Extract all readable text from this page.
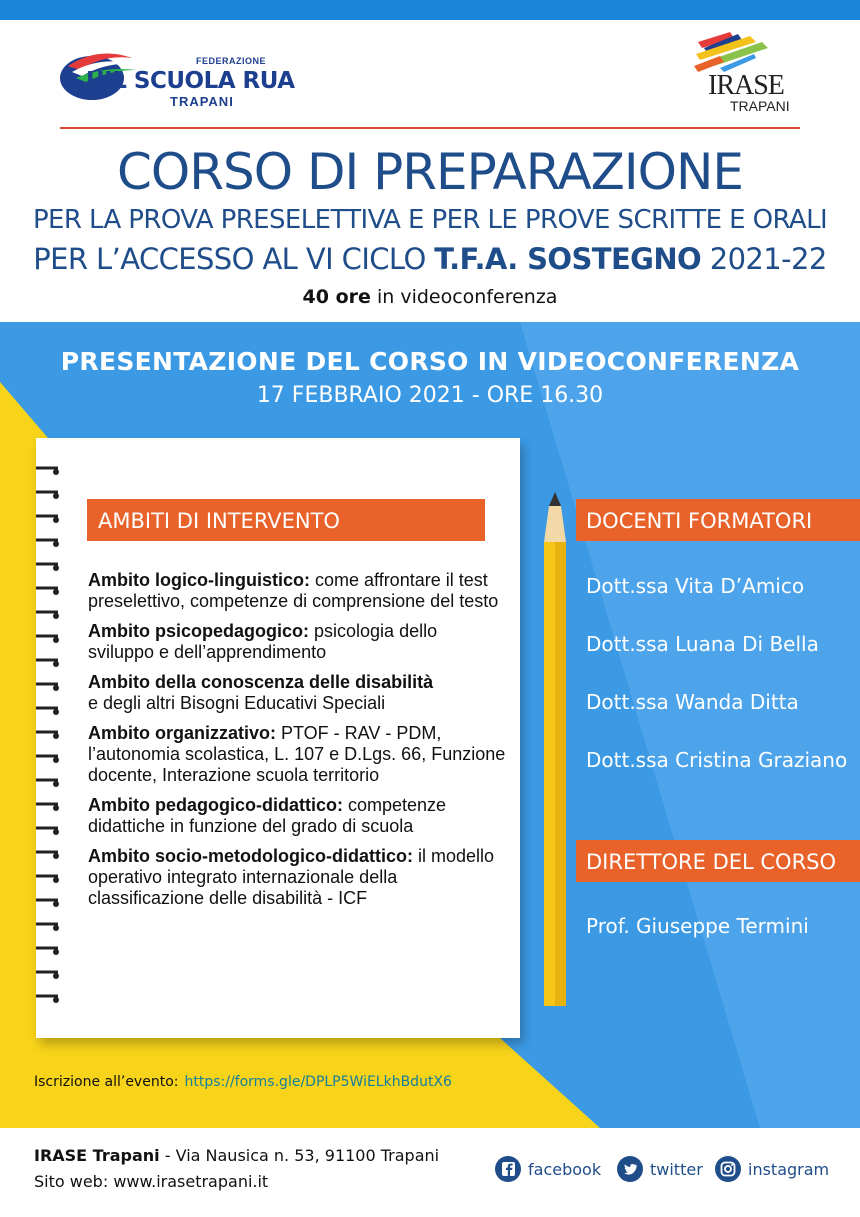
FEDERAZIONE
UIL SCUOLA RUA
TRAPANI
IRASE
TRAPANI
CORSO DI PREPARAZIONE
PER LA PROVA PRESELETTIVA E PER LE PROVE SCRITTE E ORALI
PER L’ACCESSO AL VI CICLO T.F.A. SOSTEGNO 2021-22
40 ore in videoconferenza
PRESENTAZIONE DEL CORSO IN VIDEOCONFERENZA
17 FEBBRAIO 2021 - ORE 16.30
AMBITI DI INTERVENTO

Ambito logico-linguistico: come affrontare il test preselettivo, competenze di comprensione del testo

Ambito psicopedagogico: psicologia dello sviluppo e dell’apprendimento

Ambito della conoscenza delle disabilità
e degli altri Bisogni Educativi Speciali

Ambito organizzativo: PTOF - RAV - PDM, l’autonomia scolastica, L. 107 e D.Lgs. 66, Funzione docente, Interazione scuola territorio

Ambito pedagogico-didattico: competenze didattiche in funzione del grado di scuola

Ambito socio-metodologico-didattico: il modello operativo integrato internazionale della classificazione delle disabilità - ICF

DOCENTI FORMATORI
Dott.ssa Vita D’Amico
Dott.ssa Luana Di Bella
Dott.ssa Wanda Ditta
Dott.ssa Cristina Graziano
DIRETTORE DEL CORSO
Prof. Giuseppe Termini
Iscrizione all’evento: https://forms.gle/DPLP5WiELkhBdutX6
IRASE Trapani - Via Nausica n. 53, 91100 Trapani
Sito web: www.irasetrapani.it
facebook	twitter	instagram
